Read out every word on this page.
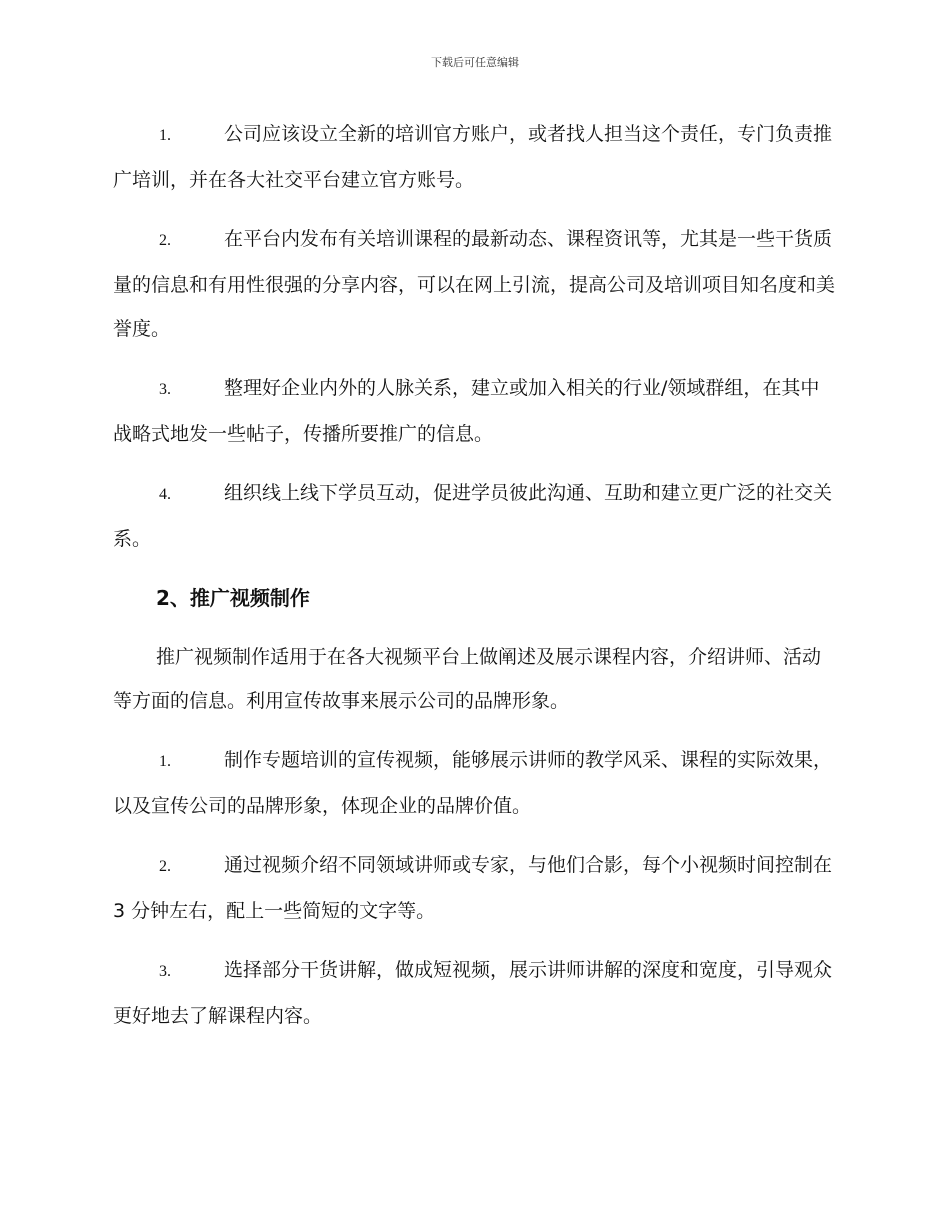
下载后可任意编辑
1.	公司应该设立全新的培训官方账户，或者找人担当这个责任，专门负责推广培训，并在各大社交平台建立官方账号。
2.	在平台内发布有关培训课程的最新动态、课程资讯等，尤其是一些干货质量的信息和有用性很强的分享内容，可以在网上引流，提高公司及培训项目知名度和美誉度。
3.	整理好企业内外的人脉关系，建立或加入相关的行业/领域群组，在其中战略式地发一些帖子，传播所要推广的信息。
4.	组织线上线下学员互动，促进学员彼此沟通、互助和建立更广泛的社交关系。
2、推广视频制作
推广视频制作适用于在各大视频平台上做阐述及展示课程内容，介绍讲师、活动等方面的信息。利用宣传故事来展示公司的品牌形象。
1.	制作专题培训的宣传视频，能够展示讲师的教学风采、课程的实际效果，以及宣传公司的品牌形象，体现企业的品牌价值。
2.	通过视频介绍不同领域讲师或专家，与他们合影，每个小视频时间控制在 3 分钟左右，配上一些简短的文字等。
3.	选择部分干货讲解，做成短视频，展示讲师讲解的深度和宽度，引导观众更好地去了解课程内容。
